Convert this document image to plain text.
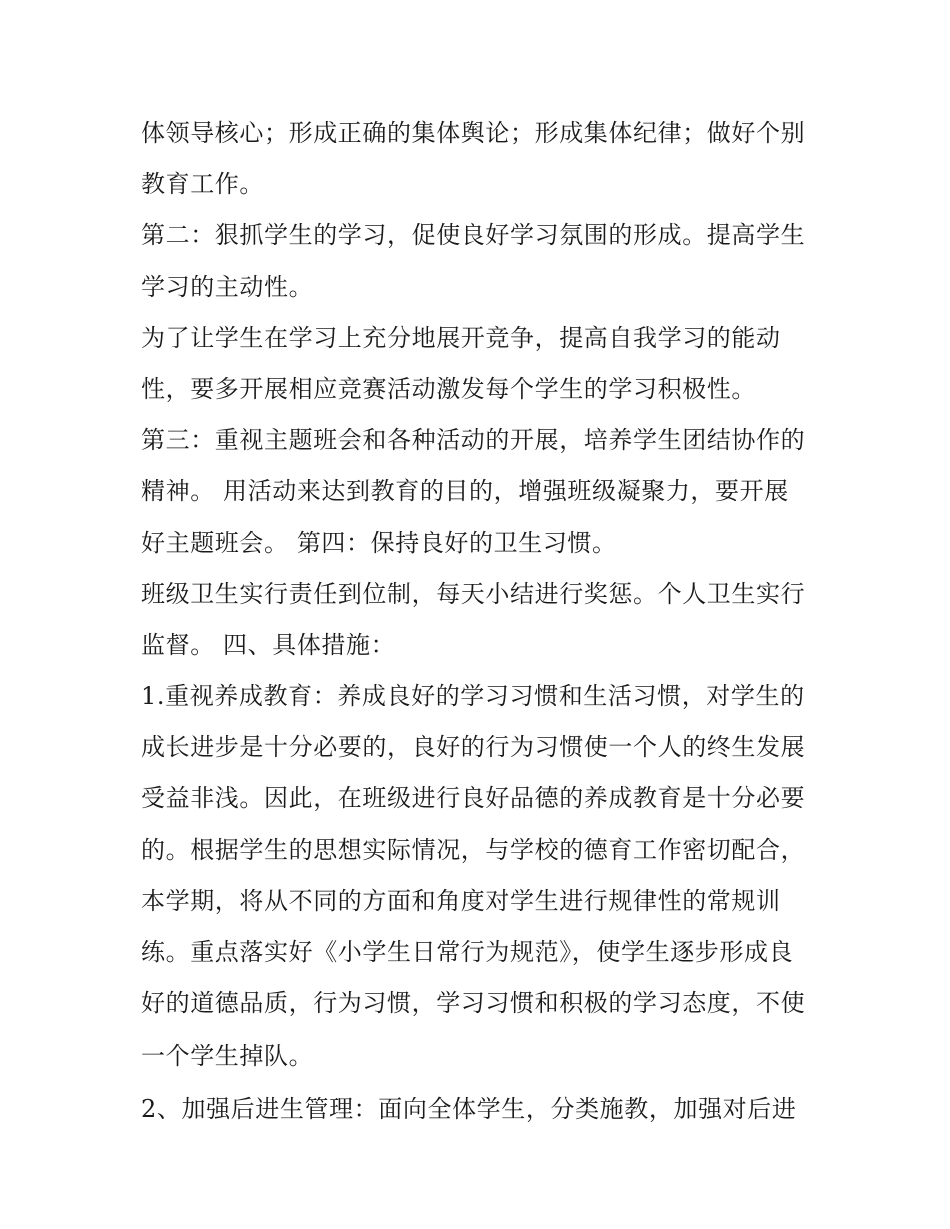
体领导核心；形成正确的集体舆论；形成集体纪律；做好个别
教育工作。
第二：狠抓学生的学习，促使良好学习氛围的形成。提高学生
学习的主动性。
为了让学生在学习上充分地展开竞争，提高自我学习的能动
性，要多开展相应竞赛活动激发每个学生的学习积极性。
第三：重视主题班会和各种活动的开展，培养学生团结协作的
精神。 用活动来达到教育的目的，增强班级凝聚力，要开展
好主题班会。 第四：保持良好的卫生习惯。
班级卫生实行责任到位制，每天小结进行奖惩。个人卫生实行
监督。 四、具体措施：
1.重视养成教育：养成良好的学习习惯和生活习惯，对学生的
成长进步是十分必要的，良好的行为习惯使一个人的终生发展
受益非浅。因此，在班级进行良好品德的养成教育是十分必要
的。根据学生的思想实际情况，与学校的德育工作密切配合，
本学期，将从不同的方面和角度对学生进行规律性的常规训
练。重点落实好《小学生日常行为规范》，使学生逐步形成良
好的道德品质，行为习惯，学习习惯和积极的学习态度，不使
一个学生掉队。
2、加强后进生管理：面向全体学生，分类施教，加强对后进
